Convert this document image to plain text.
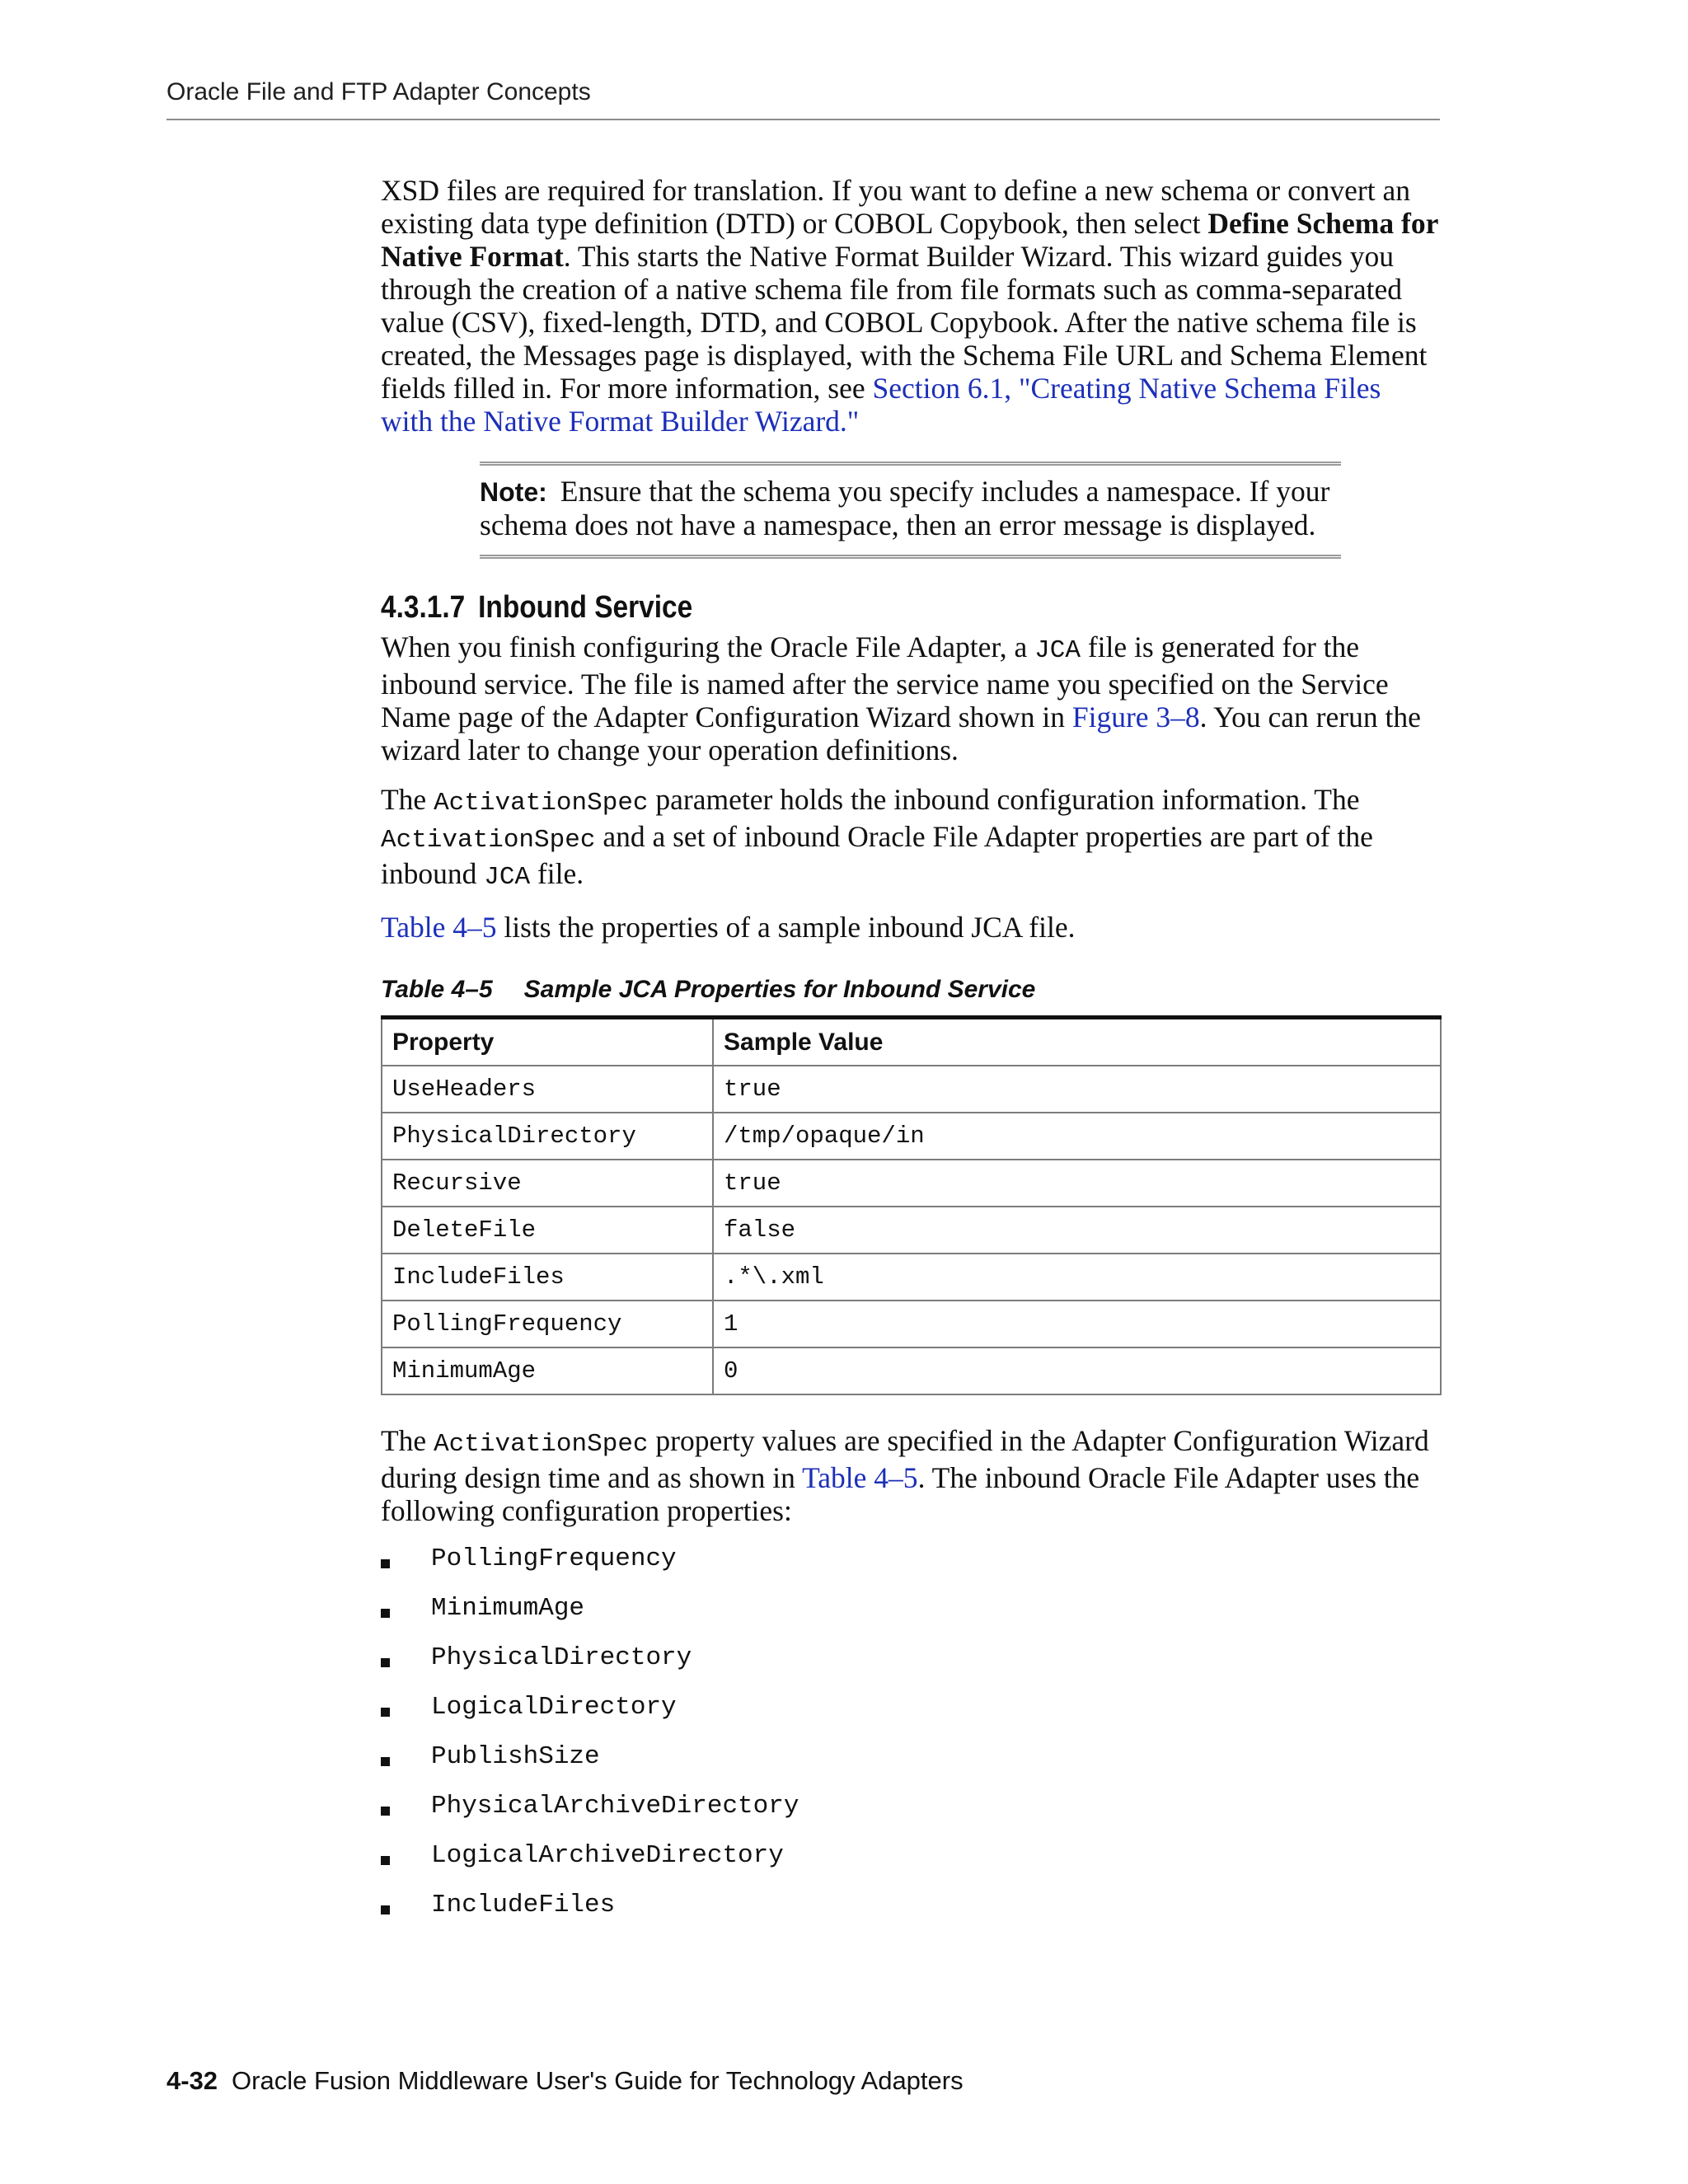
Oracle File and FTP Adapter Concepts

XSD files are required for translation. If you want to define a new schema or convert an existing data type definition (DTD) or COBOL Copybook, then select Define Schema for Native Format. This starts the Native Format Builder Wizard. This wizard guides you through the creation of a native schema file from file formats such as comma-separated value (CSV), fixed-length, DTD, and COBOL Copybook. After the native schema file is created, the Messages page is displayed, with the Schema File URL and Schema Element fields filled in. For more information, see Section 6.1, "Creating Native Schema Files with the Native Format Builder Wizard."

Note: Ensure that the schema you specify includes a namespace. If your schema does not have a namespace, then an error message is displayed.
4.3.1.7 Inbound Service

When you finish configuring the Oracle File Adapter, a JCA file is generated for the inbound service. The file is named after the service name you specified on the Service Name page of the Adapter Configuration Wizard shown in Figure 3–8. You can rerun the wizard later to change your operation definitions.

The ActivationSpec parameter holds the inbound configuration information. The ActivationSpec and a set of inbound Oracle File Adapter properties are part of the inbound JCA file.

Table 4–5 lists the properties of a sample inbound JCA file.

Table 4–5 Sample JCA Properties for Inbound Service
Property	Sample Value
UseHeaders	true
PhysicalDirectory	/tmp/opaque/in
Recursive	true
DeleteFile	false
IncludeFiles	.*\.xml
PollingFrequency	1
MinimumAge	0

The ActivationSpec property values are specified in the Adapter Configuration Wizard during design time and as shown in Table 4–5. The inbound Oracle File Adapter uses the following configuration properties:

PollingFrequency
MinimumAge
PhysicalDirectory
LogicalDirectory
PublishSize
PhysicalArchiveDirectory
LogicalArchiveDirectory
IncludeFiles
4-32 Oracle Fusion Middleware User's Guide for Technology Adapters
